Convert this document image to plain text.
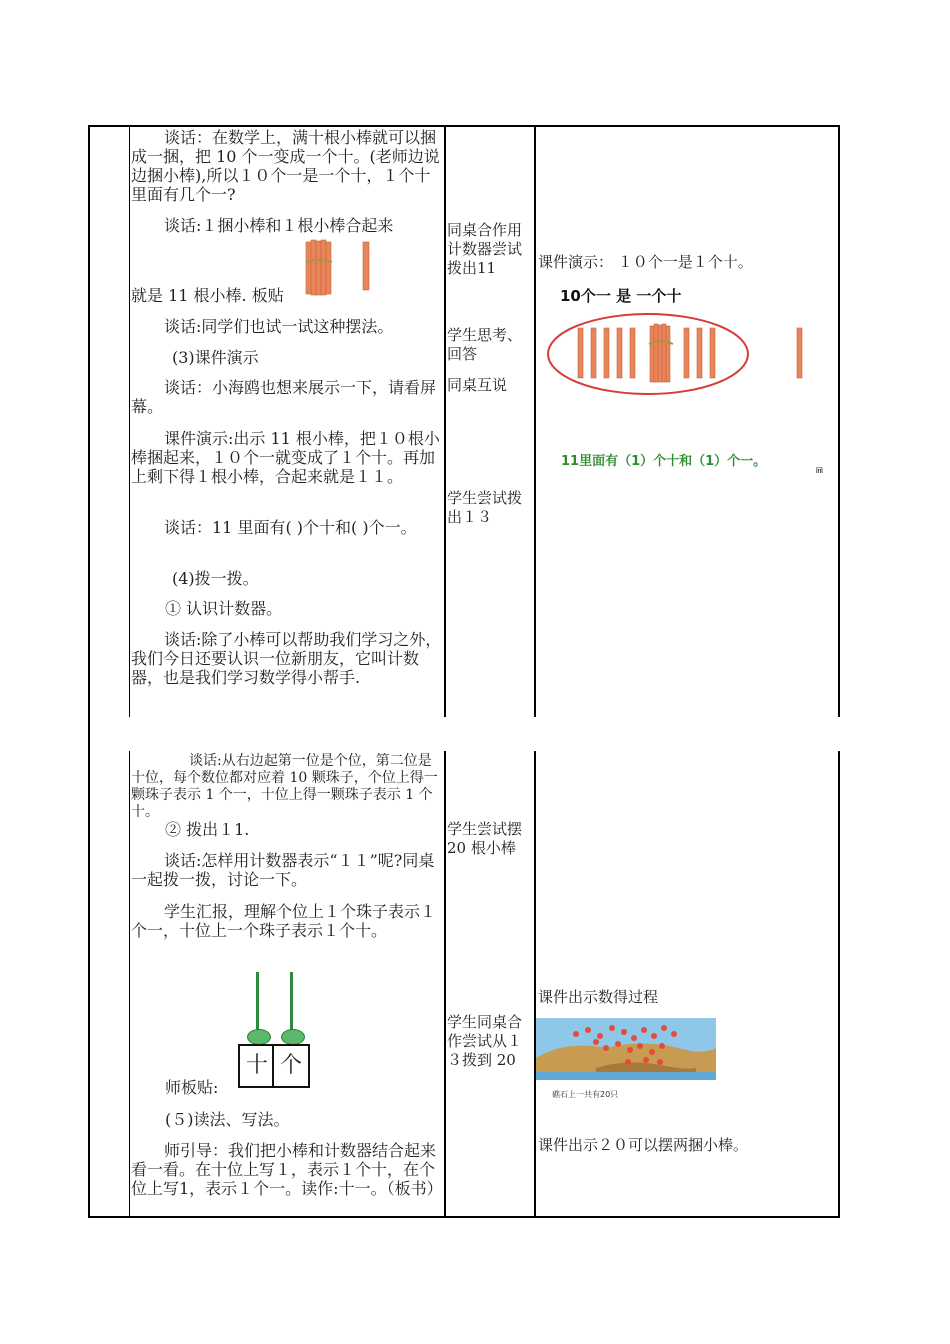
谈话：在数学上，满十根小棒就可以捆成一捆，把 10 个一变成一个十。(老师边说边捆小棒),所以１０个一是一个十，１个十里面有几个一?
谈话:１捆小棒和１根小棒合起来
就是 11 根小棒. 板贴
谈话:同学们也试一试这种摆法。
(3)课件演示
谈话：小海鸥也想来展示一下，请看屏幕。
课件演示:出示 11 根小棒，把１０根小棒捆起来，１０个一就变成了１个十。再加上剩下得１根小棒，合起来就是１１。
谈话：11 里面有( )个十和( )个一。
(4)拨一拨。
① 认识计数器。
谈话:除了小棒可以帮助我们学习之外，我们今日还要认识一位新朋友，它叫计数器，也是我们学习数学得小帮手.
谈话:从右边起第一位是个位，第二位是十位，每个数位都对应着 10 颗珠子，个位上得一颗珠子表示 1 个一，十位上得一颗珠子表示 1 个十。
② 拨出１1.
谈话:怎样用计数器表示“１１”呢?同桌一起拨一拨，讨论一下。
学生汇报，理解个位上１个珠子表示１个一，十位上一个珠子表示１个十。
十 个
师板贴:
(５)读法、写法。
师引导：我们把小棒和计数器结合起来看一看。在十位上写１，表示１个十，在个位上写1，表示１个一。读作:十一。（板书）
同桌合作用计数器尝试拨出11
学生思考、回答
同桌互说
学生尝试拨出１３
学生尝试摆 20 根小棒
学生同桌合作尝试从１３拨到 20
课件演示： １０个一是１个十。
10个一 是 一个十
11里面有（1）个十和（1）个一。	⩎
课件出示数得过程
礁石上一共有20只
课件出示２０可以摆两捆小棒。
